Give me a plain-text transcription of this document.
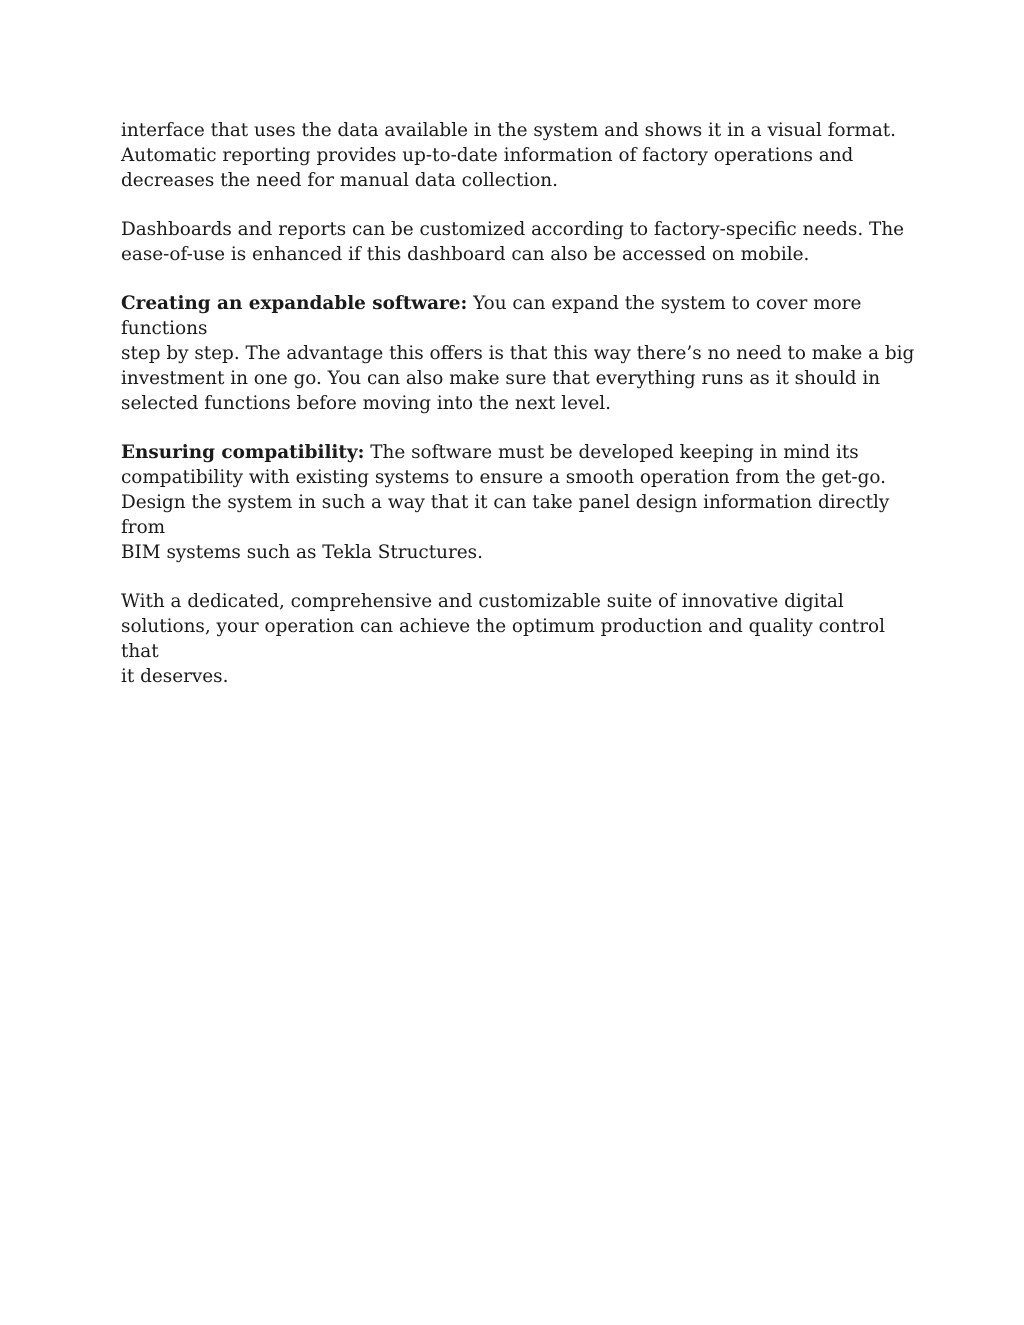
interface that uses the data available in the system and shows it in a visual format.
Automatic reporting provides up-to-date information of factory operations and
decreases the need for manual data collection.

Dashboards and reports can be customized according to factory-specific needs. The
ease-of-use is enhanced if this dashboard can also be accessed on mobile.

Creating an expandable software: You can expand the system to cover more functions
step by step. The advantage this offers is that this way there’s no need to make a big
investment in one go. You can also make sure that everything runs as it should in
selected functions before moving into the next level.

Ensuring compatibility: The software must be developed keeping in mind its
compatibility with existing systems to ensure a smooth operation from the get-go.
Design the system in such a way that it can take panel design information directly from
BIM systems such as Tekla Structures.

With a dedicated, comprehensive and customizable suite of innovative digital
solutions, your operation can achieve the optimum production and quality control that
it deserves.
